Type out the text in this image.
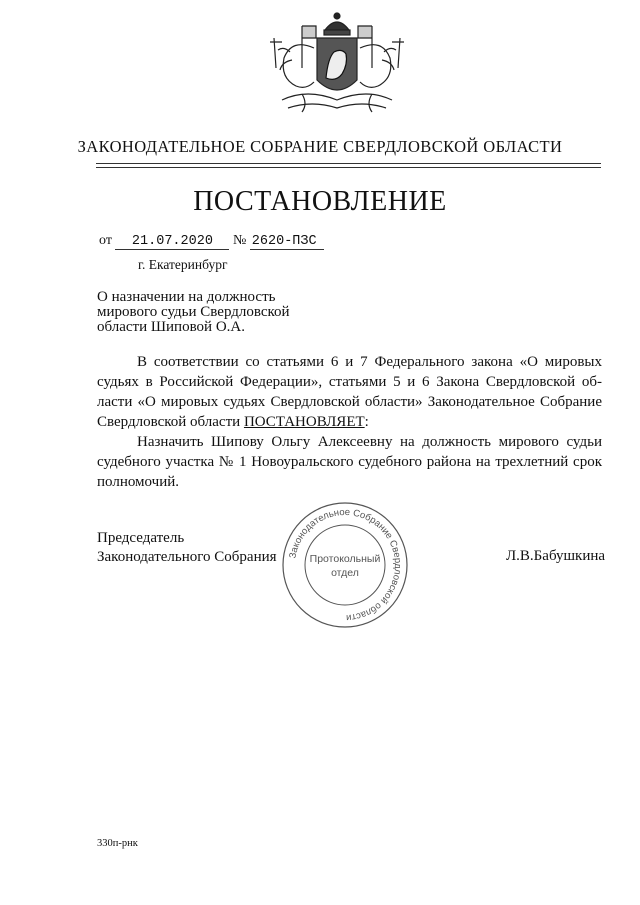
ЗАКОНОДАТЕЛЬНОЕ СОБРАНИЕ СВЕРДЛОВСКОЙ ОБЛАСТИ
ПОСТАНОВЛЕНИЕ
от 21.07.2020 № 2620-ПЗС
г. Екатеринбург
О назначении на должность
мирового судьи Свердловской
области Шиповой О.А.
В соответствии со статьями 6 и 7 Федерального закона «О мировых
судьях в Российской Федерации», статьями 5 и 6 Закона Свердловской об-
ласти «О мировых судьях Свердловской области» Законодательное Собрание
Свердловской области ПОСТАНОВЛЯЕТ:
Назначить Шипову Ольгу Алексеевну на должность мирового судьи
судебного участка № 1 Новоуральского судебного района на трехлетний срок
полномочий.
Председатель
Законодательного Собрания	Л.В.Бабушкина
Законодательное Собрание Свердловской области
Протокольный
отдел
330п-рнк
